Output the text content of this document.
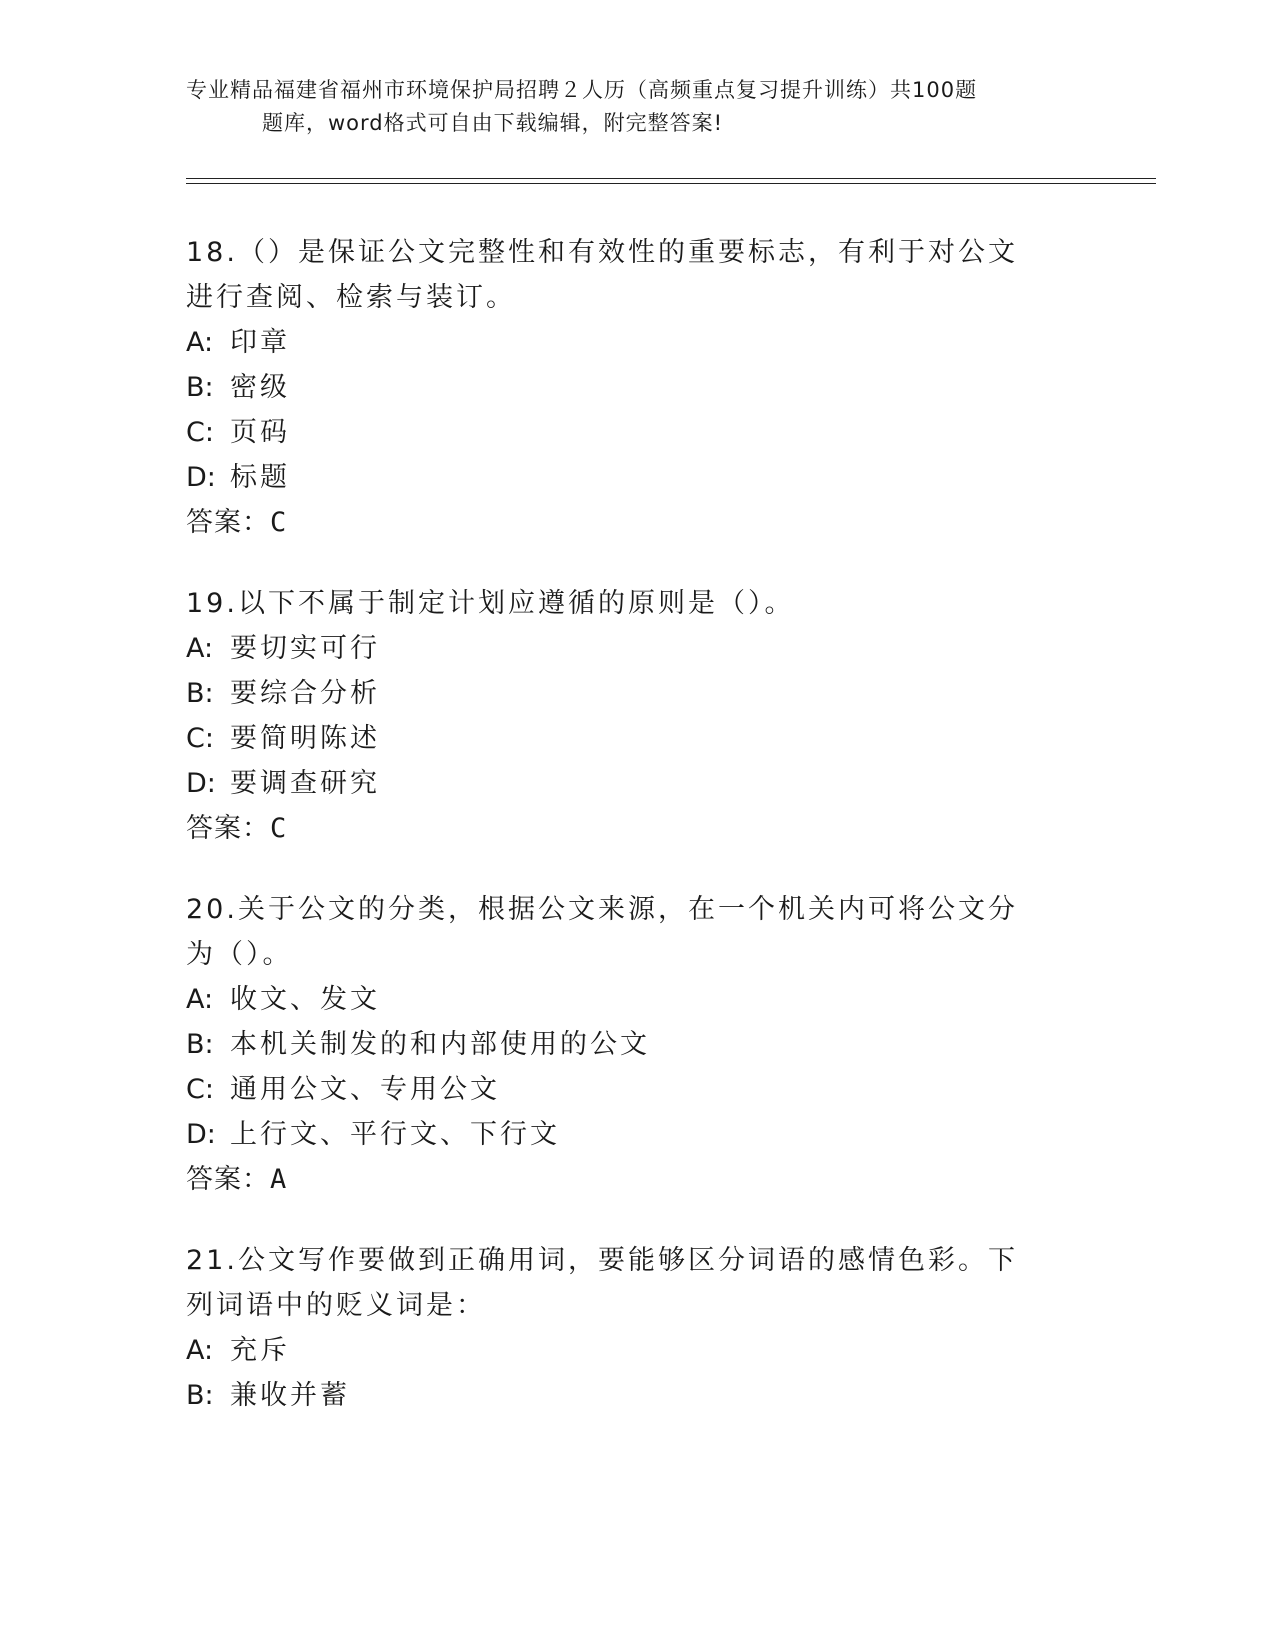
专业精品福建省福州市环境保护局招聘２人历（高频重点复习提升训练）共100题
题库，word格式可自由下载编辑，附完整答案!

18.（）是保证公文完整性和有效性的重要标志，有利于对公文进行查阅、检索与装订。

A: 印章

B: 密级

C: 页码

D: 标题

答案：C

19.以下不属于制定计划应遵循的原则是（）。

A: 要切实可行

B: 要综合分析

C: 要简明陈述

D: 要调查研究

答案：C

20.关于公文的分类，根据公文来源，在一个机关内可将公文分为（）。

A: 收文、发文

B: 本机关制发的和内部使用的公文

C: 通用公文、专用公文

D: 上行文、平行文、下行文

答案：A

21.公文写作要做到正确用词，要能够区分词语的感情色彩。下列词语中的贬义词是：

A: 充斥

B: 兼收并蓄
